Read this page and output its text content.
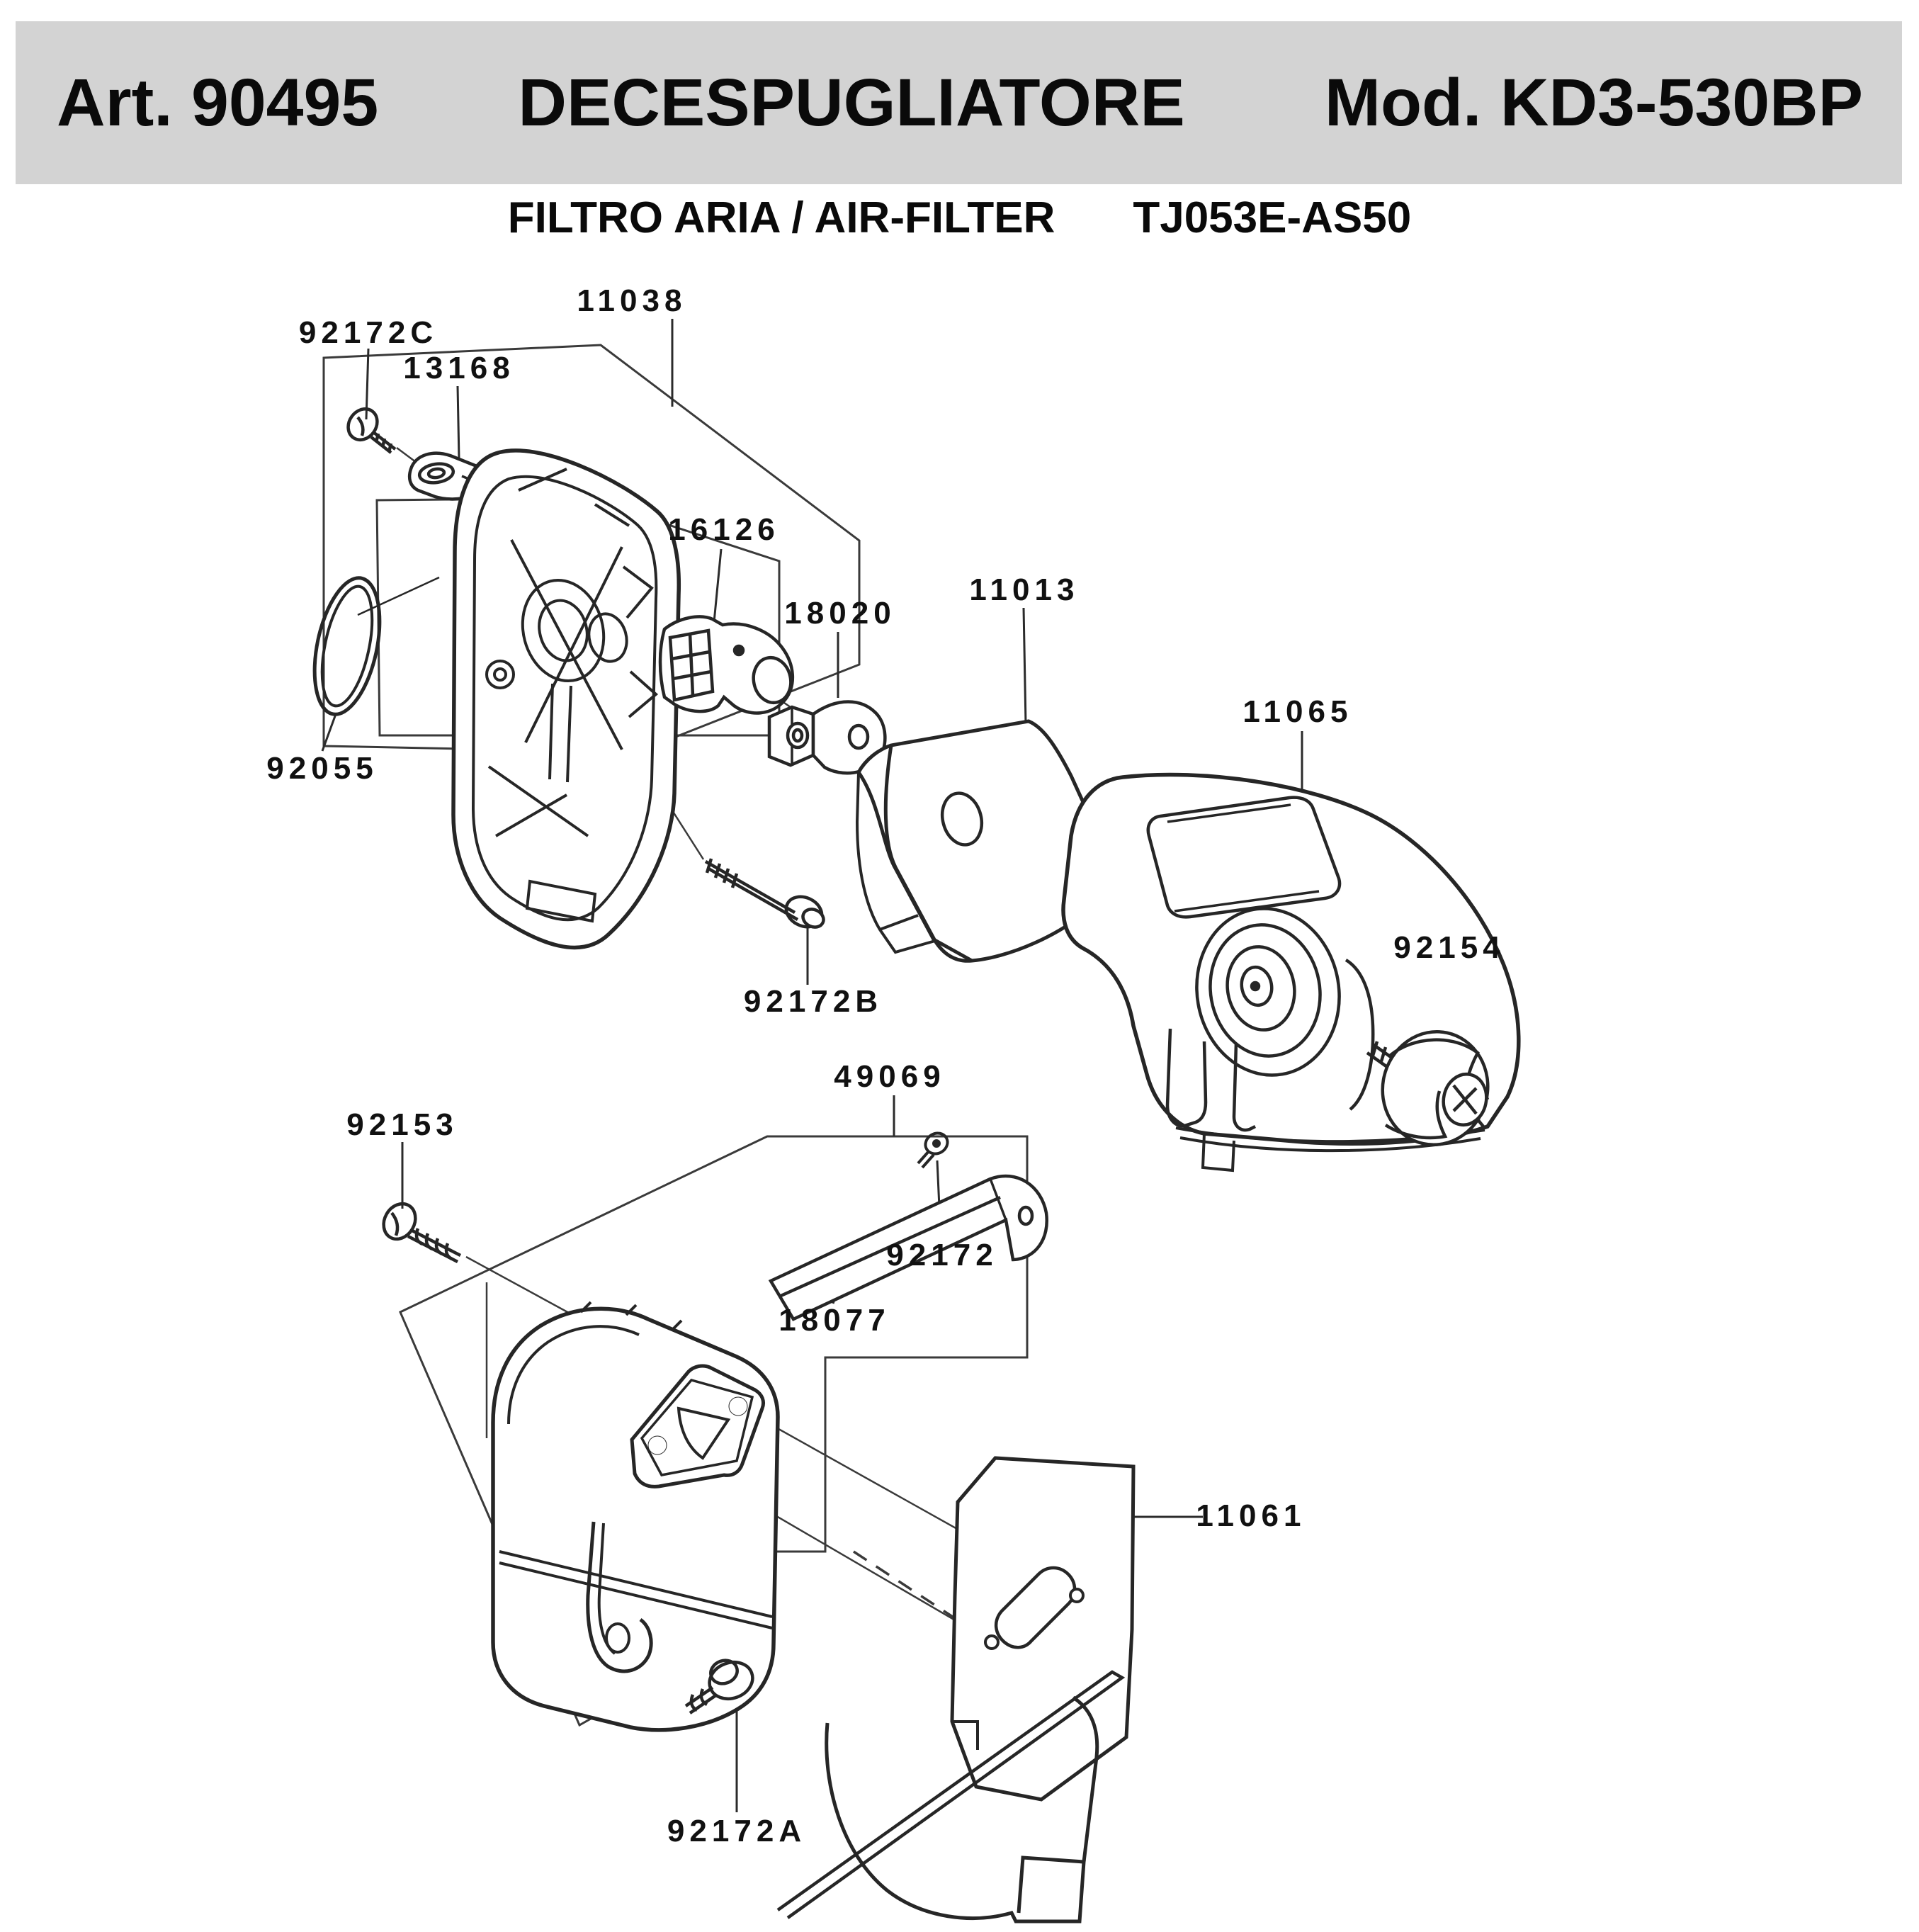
Art. 90495 DECESPUGLIATORE Mod. KD3-530BP
FILTRO ARIA / AIR-FILTER TJ053E-AS50
92172C
13168
11038
16126
18020
11013
11065
92055
92172B
49069
92153
92172
18077
92154
11061
92172A
